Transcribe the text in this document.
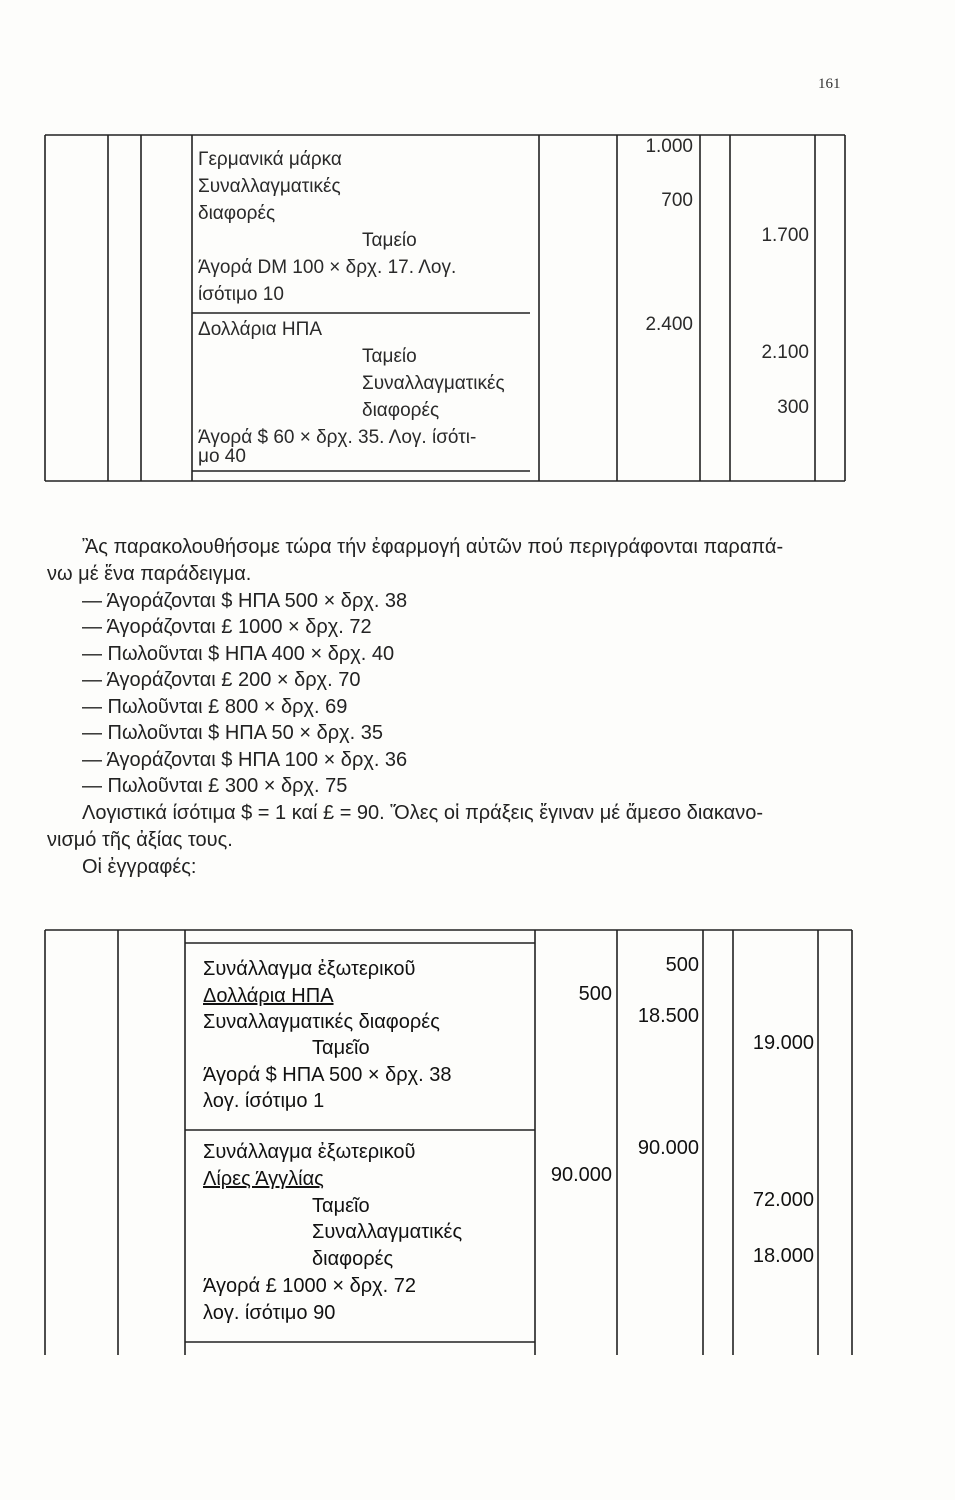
161
Γερμανικά μάρκα
Συναλλαγματικές
διαφορές
Ταμείο
Άγορά DM 100 × δρχ. 17. Λογ.
ίσότιμο 10
1.000
700
1.700
Δολλάρια ΗΠΑ
Ταμείο
Συναλλαγματικές
διαφορές
Άγορά $ 60 × δρχ. 35. Λογ. ίσότι-
μο 40
2.400
2.100
300
Ἂς παρακολουθήσομε τώρα τήν ἐφαρμογή αὐτῶν πού περιγράφονται παραπά-
νω μέ ἕνα παράδειγμα.
— Άγοράζονται $ ΗΠΑ 500 × δρχ. 38
— Άγοράζονται £ 1000 × δρχ. 72
— Πωλοῦνται $ ΗΠΑ 400 × δρχ. 40
— Άγοράζονται £ 200 × δρχ. 70
— Πωλοῦνται £ 800 × δρχ. 69
— Πωλοῦνται $ ΗΠΑ 50 × δρχ. 35
— Άγοράζονται $ ΗΠΑ 100 × δρχ. 36
— Πωλοῦνται £ 300 × δρχ. 75
Λογιστικά ίσότιμα $ = 1 καί £ = 90. Ὅλες οἱ πράξεις ἔγιναν μέ ἄμεσο διακανο-
νισμό τῆς ἀξίας τους.
Οἱ ἐγγραφές:
Συνάλλαγμα ἐξωτερικοῦ
Δολλάρια ΗΠΑ
Συναλλαγματικές διαφορές
Ταμεῖο
Άγορά $ ΗΠΑ 500 × δρχ. 38
λογ. ίσότιμο 1
500
500
18.500
19.000
Συνάλλαγμα ἐξωτερικοῦ
Λίρες Άγγλίας
Ταμεῖο
Συναλλαγματικές
διαφορές
Άγορά £ 1000 × δρχ. 72
λογ. ίσότιμο 90
90.000
90.000
72.000
18.000
